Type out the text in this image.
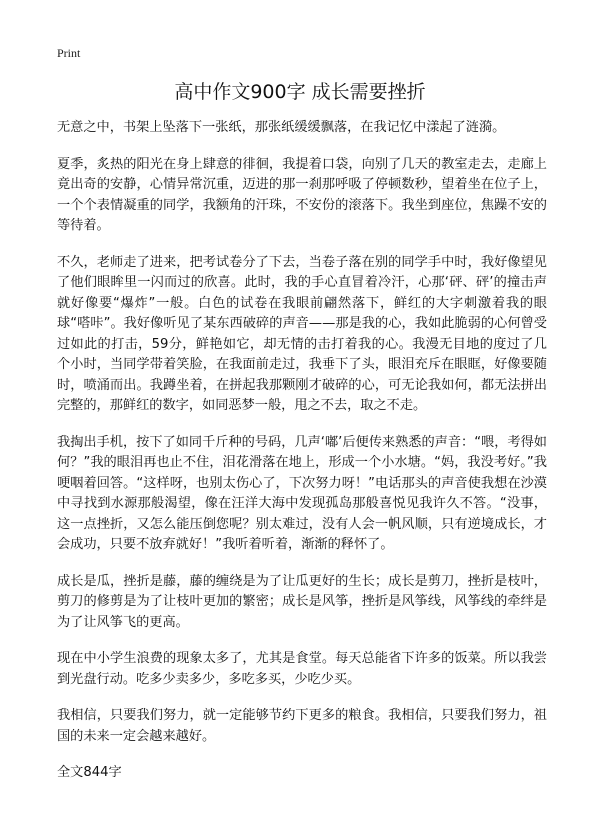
Print
高中作文900字 成长需要挫折

无意之中，书架上坠落下一张纸，那张纸缓缓飘落，在我记忆中漾起了涟漪。

夏季，炙热的阳光在身上肆意的徘徊，我提着口袋，向别了几天的教室走去，走廊上竟出奇的安静，心情异常沉重，迈进的那一刹那呼吸了停顿数秒，望着坐在位子上，一个个表情凝重的同学，我额角的汗珠，不安份的滚落下。我坐到座位，焦躁不安的等待着。

不久，老师走了进来，把考试卷分了下去，当卷子落在别的同学手中时，我好像望见了他们眼眸里一闪而过的欣喜。此时，我的手心直冒着冷汗，心那‘砰、砰’的撞击声就好像要“爆炸”一般。白色的试卷在我眼前翩然落下，鲜红的大字刺激着我的眼球“嗒咔”。我好像听见了某东西破碎的声音——那是我的心，我如此脆弱的心何曾受过如此的打击，59分，鲜艳如它，却无情的击打着我的心。我漫无目地的度过了几个小时，当同学带着笑脸，在我面前走过，我垂下了头，眼泪充斥在眼眶，好像要随时，喷涌而出。我蹲坐着，在拼起我那颗刚才破碎的心，可无论我如何，都无法拼出完整的，那鲜红的数字，如同恶梦一般，甩之不去，取之不走。

我掏出手机，按下了如同千斤种的号码，几声‘嘟’后便传来熟悉的声音：“喂，考得如何？”我的眼泪再也止不住，泪花滑落在地上，形成一个小水塘。“妈，我没考好。”我哽咽着回答。“这样呀，也别太伤心了，下次努力呀！”电话那头的声音使我想在沙漠中寻找到水源那般渴望，像在汪洋大海中发现孤岛那般喜悦见我许久不答。“没事，这一点挫折，又怎么能压倒您呢？别太难过，没有人会一帆风顺，只有逆境成长，才会成功，只要不放弃就好！”我听着听着，渐渐的释怀了。

成长是瓜，挫折是藤，藤的缠绕是为了让瓜更好的生长；成长是剪刀，挫折是枝叶，剪刀的修剪是为了让枝叶更加的繁密；成长是风筝，挫折是风筝线，风筝线的牵绊是为了让风筝飞的更高。

现在中小学生浪费的现象太多了，尤其是食堂。每天总能省下许多的饭菜。所以我尝到光盘行动。吃多少卖多少，多吃多买，少吃少买。

我相信，只要我们努力，就一定能够节约下更多的粮食。我相信，只要我们努力，祖国的未来一定会越来越好。

全文844字
